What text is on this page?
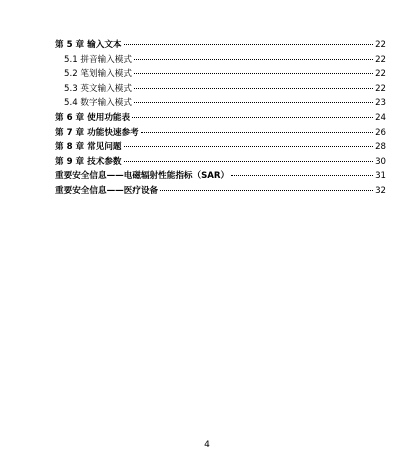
第 5 章 输入文本	22
5.1 拼音输入模式	22
5.2 笔划输入模式	22
5.3 英文输入模式	22
5.4 数字输入模式	23
第 6 章 使用功能表	24
第 7 章 功能快速参考	26
第 8 章 常见问题	28
第 9 章 技术参数	30
重要安全信息——电磁辐射性能指标（SAR）	31
重要安全信息——医疗设备	32
4
